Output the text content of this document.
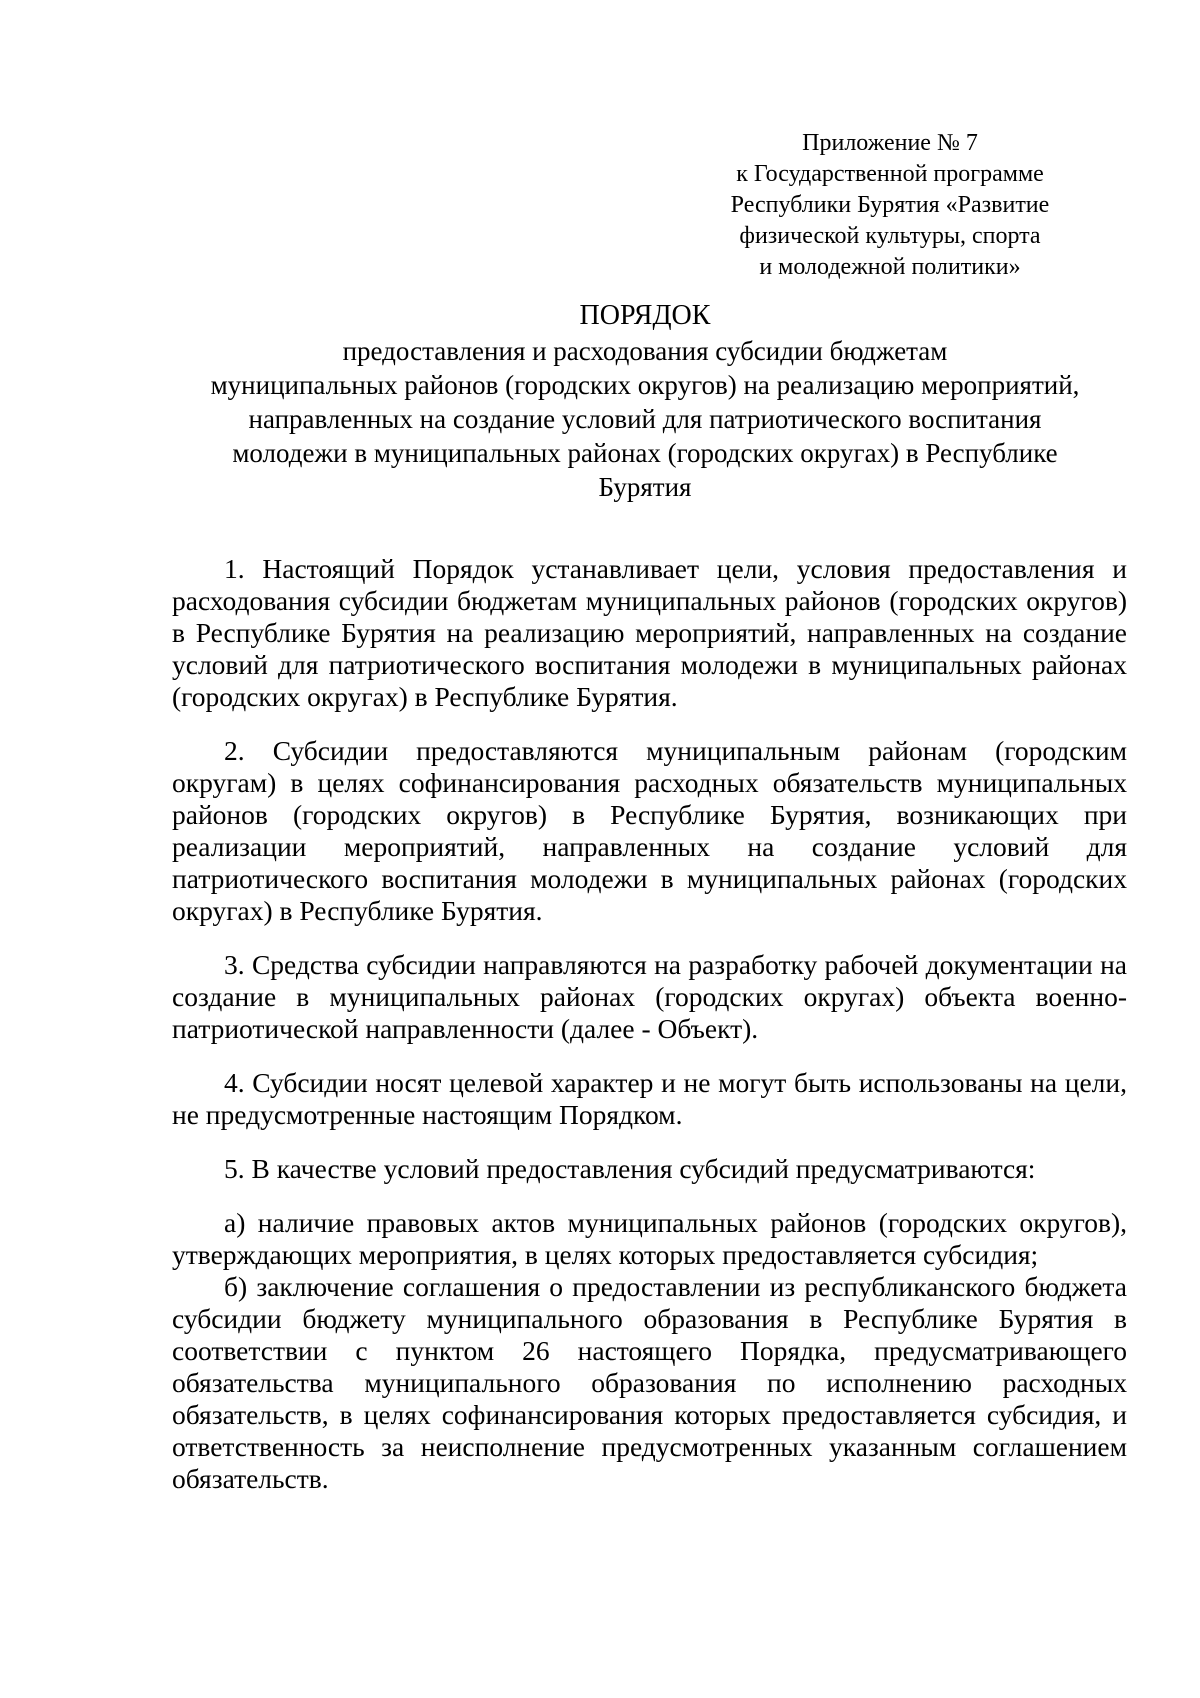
Приложение № 7
к Государственной программе
Республики Бурятия «Развитие
физической культуры, спорта
и молодежной политики»
ПОРЯДОК
предоставления и расходования субсидии бюджетам
муниципальных районов (городских округов) на реализацию мероприятий,
направленных на создание условий для патриотического воспитания
молодежи в муниципальных районах (городских округах) в Республике
Бурятия

1. Настоящий Порядок устанавливает цели, условия предоставления и расходования субсидии бюджетам муниципальных районов (городских округов) в Республике Бурятия на реализацию мероприятий, направленных на создание условий для патриотического воспитания молодежи в муниципальных районах (городских округах) в Республике Бурятия.

2. Субсидии предоставляются муниципальным районам (городским округам) в целях софинансирования расходных обязательств муниципальных районов (городских округов) в Республике Бурятия, возникающих при реализации мероприятий, направленных на создание условий для патриотического воспитания молодежи в муниципальных районах (городских округах) в Республике Бурятия.

3. Средства субсидии направляются на разработку рабочей документации на создание в муниципальных районах (городских округах) объекта военно-патриотической направленности (далее - Объект).

4. Субсидии носят целевой характер и не могут быть использованы на цели, не предусмотренные настоящим Порядком.

5. В качестве условий предоставления субсидий предусматриваются:

а) наличие правовых актов муниципальных районов (городских округов), утверждающих мероприятия, в целях которых предоставляется субсидия;

б) заключение соглашения о предоставлении из республиканского бюджета субсидии бюджету муниципального образования в Республике Бурятия в соответствии с пунктом 26 настоящего Порядка, предусматривающего обязательства муниципального образования по исполнению расходных обязательств, в целях софинансирования которых предоставляется субсидия, и ответственность за неисполнение предусмотренных указанным соглашением обязательств.
